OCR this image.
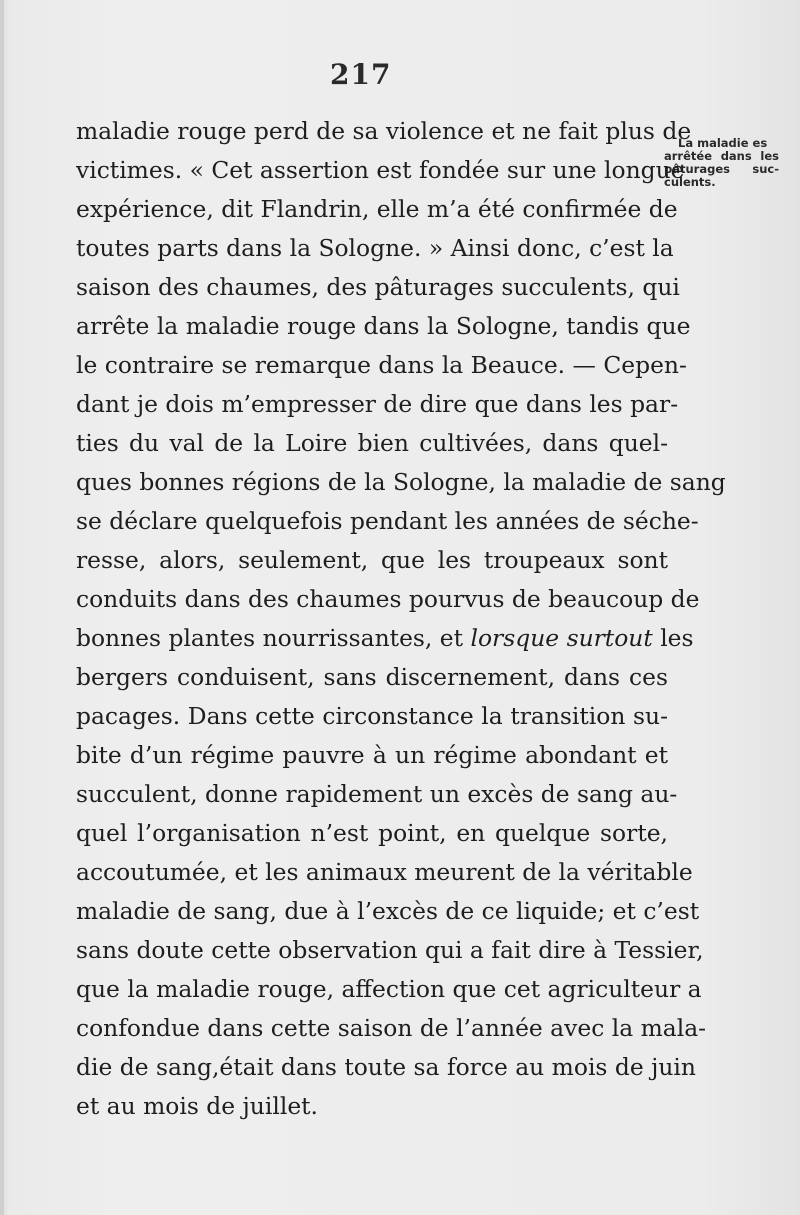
217
La maladie es
arrêtée dans les
pâturages suc-
culents.
maladie rouge perd de sa violence et ne fait plus de
victimes. « Cet assertion est fondée sur une longue
expérience, dit Flandrin, elle m’a été confirmée de
toutes parts dans la Sologne. » Ainsi donc, c’est la
saison des chaumes, des pâturages succulents, qui
arrête la maladie rouge dans la Sologne, tandis que
le contraire se remarque dans la Beauce. — Cepen-
dant je dois m’empresser de dire que dans les par-
ties du val de la Loire bien cultivées, dans quel-
ques bonnes régions de la Sologne, la maladie de sang
se déclare quelquefois pendant les années de séche-
resse, alors, seulement, que les troupeaux sont
conduits dans des chaumes pourvus de beaucoup de
bonnes plantes nourrissantes, et lorsque surtout les
bergers conduisent, sans discernement, dans ces
pacages. Dans cette circonstance la transition su-
bite d’un régime pauvre à un régime abondant et
succulent, donne rapidement un excès de sang au-
quel l’organisation n’est point, en quelque sorte,
accoutumée, et les animaux meurent de la véritable
maladie de sang, due à l’excès de ce liquide; et c’est
sans doute cette observation qui a fait dire à Tessier,
que la maladie rouge, affection que cet agriculteur a
confondue dans cette saison de l’année avec la mala-
die de sang,était dans toute sa force au mois de juin
et au mois de juillet.
